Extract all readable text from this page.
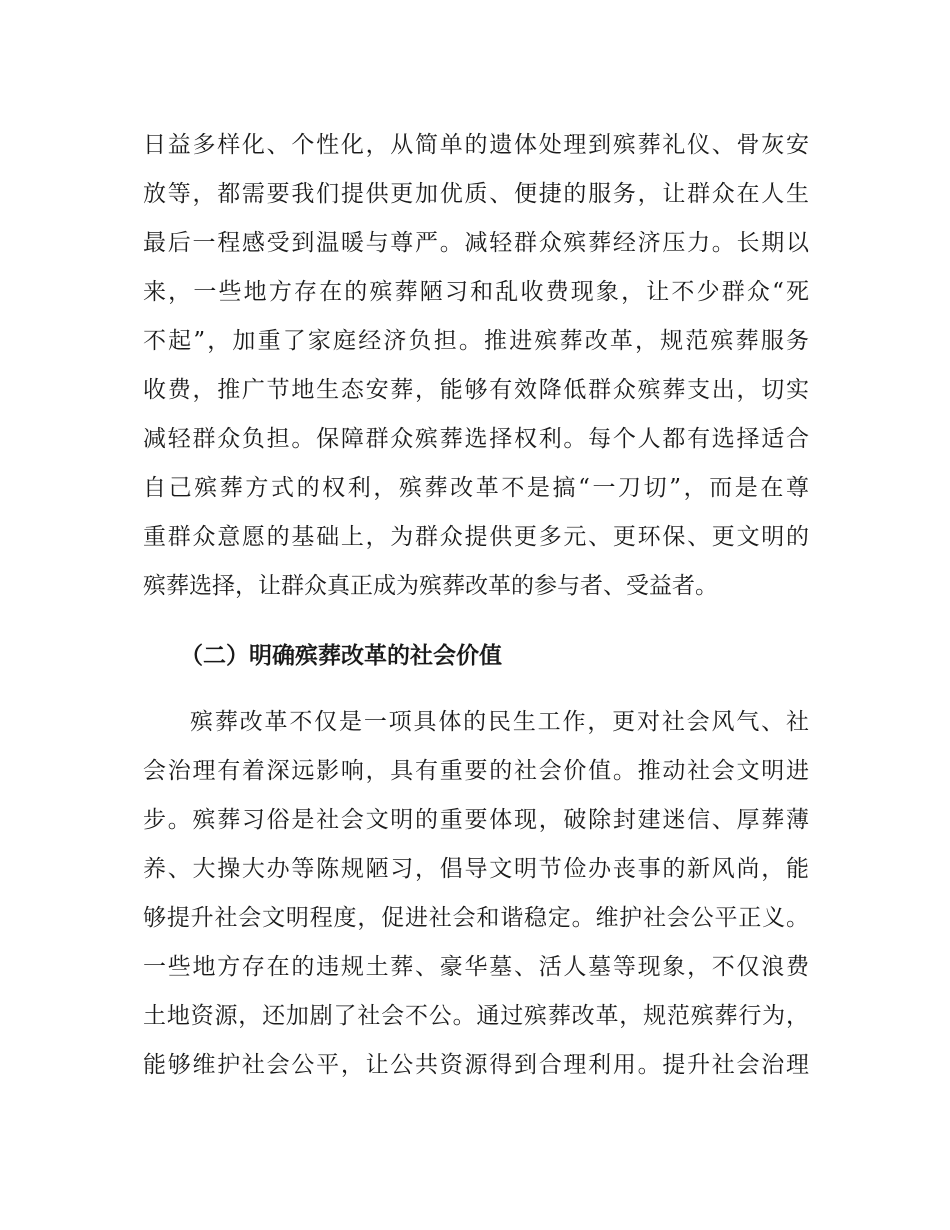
日益多样化、个性化，从简单的遗体处理到殡葬礼仪、骨灰安
放等，都需要我们提供更加优质、便捷的服务，让群众在人生
最后一程感受到温暖与尊严。减轻群众殡葬经济压力。长期以
来，一些地方存在的殡葬陋习和乱收费现象，让不少群众“死
不起”，加重了家庭经济负担。推进殡葬改革，规范殡葬服务
收费，推广节地生态安葬，能够有效降低群众殡葬支出，切实
减轻群众负担。保障群众殡葬选择权利。每个人都有选择适合
自己殡葬方式的权利，殡葬改革不是搞“一刀切”，而是在尊
重群众意愿的基础上，为群众提供更多元、更环保、更文明的
殡葬选择，让群众真正成为殡葬改革的参与者、受益者。
（二）明确殡葬改革的社会价值
殡葬改革不仅是一项具体的民生工作，更对社会风气、社
会治理有着深远影响，具有重要的社会价值。推动社会文明进
步。殡葬习俗是社会文明的重要体现，破除封建迷信、厚葬薄
养、大操大办等陈规陋习，倡导文明节俭办丧事的新风尚，能
够提升社会文明程度，促进社会和谐稳定。维护社会公平正义。
一些地方存在的违规土葬、豪华墓、活人墓等现象，不仅浪费
土地资源，还加剧了社会不公。通过殡葬改革，规范殡葬行为，
能够维护社会公平，让公共资源得到合理利用。提升社会治理
